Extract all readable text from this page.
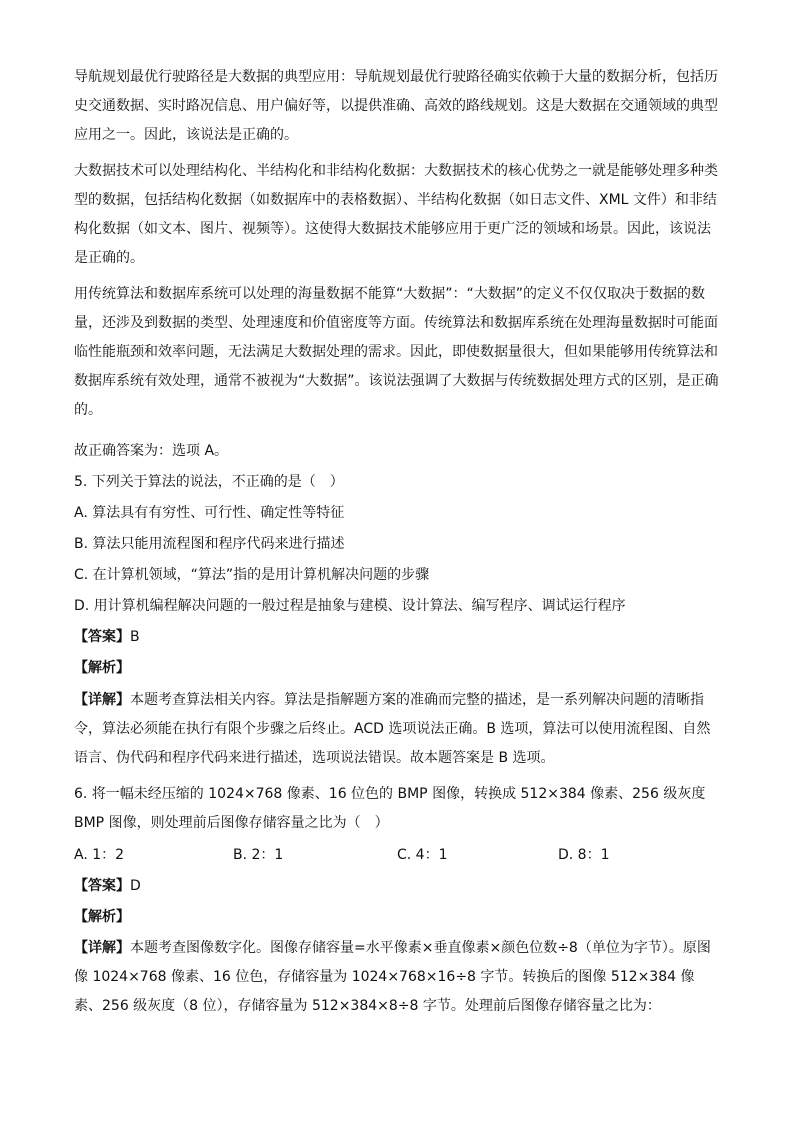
导航规划最优行驶路径是大数据的典型应用：导航规划最优行驶路径确实依赖于大量的数据分析，包括历史交通数据、实时路况信息、用户偏好等，以提供准确、高效的路线规划。这是大数据在交通领域的典型应用之一。因此，该说法是正确的。

大数据技术可以处理结构化、半结构化和非结构化数据：大数据技术的核心优势之一就是能够处理多种类型的数据，包括结构化数据（如数据库中的表格数据）、半结构化数据（如日志文件、XML 文件）和非结构化数据（如文本、图片、视频等）。这使得大数据技术能够应用于更广泛的领域和场景。因此，该说法是正确的。

用传统算法和数据库系统可以处理的海量数据不能算“大数据”：“大数据”的定义不仅仅取决于数据的数量，还涉及到数据的类型、处理速度和价值密度等方面。传统算法和数据库系统在处理海量数据时可能面临性能瓶颈和效率问题，无法满足大数据处理的需求。因此，即使数据量很大，但如果能够用传统算法和数据库系统有效处理，通常不被视为“大数据”。该说法强调了大数据与传统数据处理方式的区别，是正确的。

故正确答案为：选项 A。

5. 下列关于算法的说法，不正确的是（　）

A. 算法具有有穷性、可行性、确定性等特征

B. 算法只能用流程图和程序代码来进行描述

C. 在计算机领域，“算法”指的是用计算机解决问题的步骤

D. 用计算机编程解决问题的一般过程是抽象与建模、设计算法、编写程序、调试运行程序

【答案】B

【解析】

【详解】本题考查算法相关内容。算法是指解题方案的准确而完整的描述，是一系列解决问题的清晰指令，算法必须能在执行有限个步骤之后终止。ACD 选项说法正确。B 选项，算法可以使用流程图、自然语言、伪代码和程序代码来进行描述，选项说法错误。故本题答案是 B 选项。

6. 将一幅未经压缩的 1024×768 像素、16 位色的 BMP 图像，转换成 512×384 像素、256 级灰度 BMP 图像，则处理前后图像存储容量之比为（　）

A. 1：2	B. 2：1	C. 4：1	D. 8：1

【答案】D

【解析】

【详解】本题考查图像数字化。图像存储容量=水平像素×垂直像素×颜色位数÷8（单位为字节）。原图像 1024×768 像素、16 位色，存储容量为 1024×768×16÷8 字节。转换后的图像 512×384 像素、256 级灰度（8 位），存储容量为 512×384×8÷8 字节。处理前后图像存储容量之比为：
